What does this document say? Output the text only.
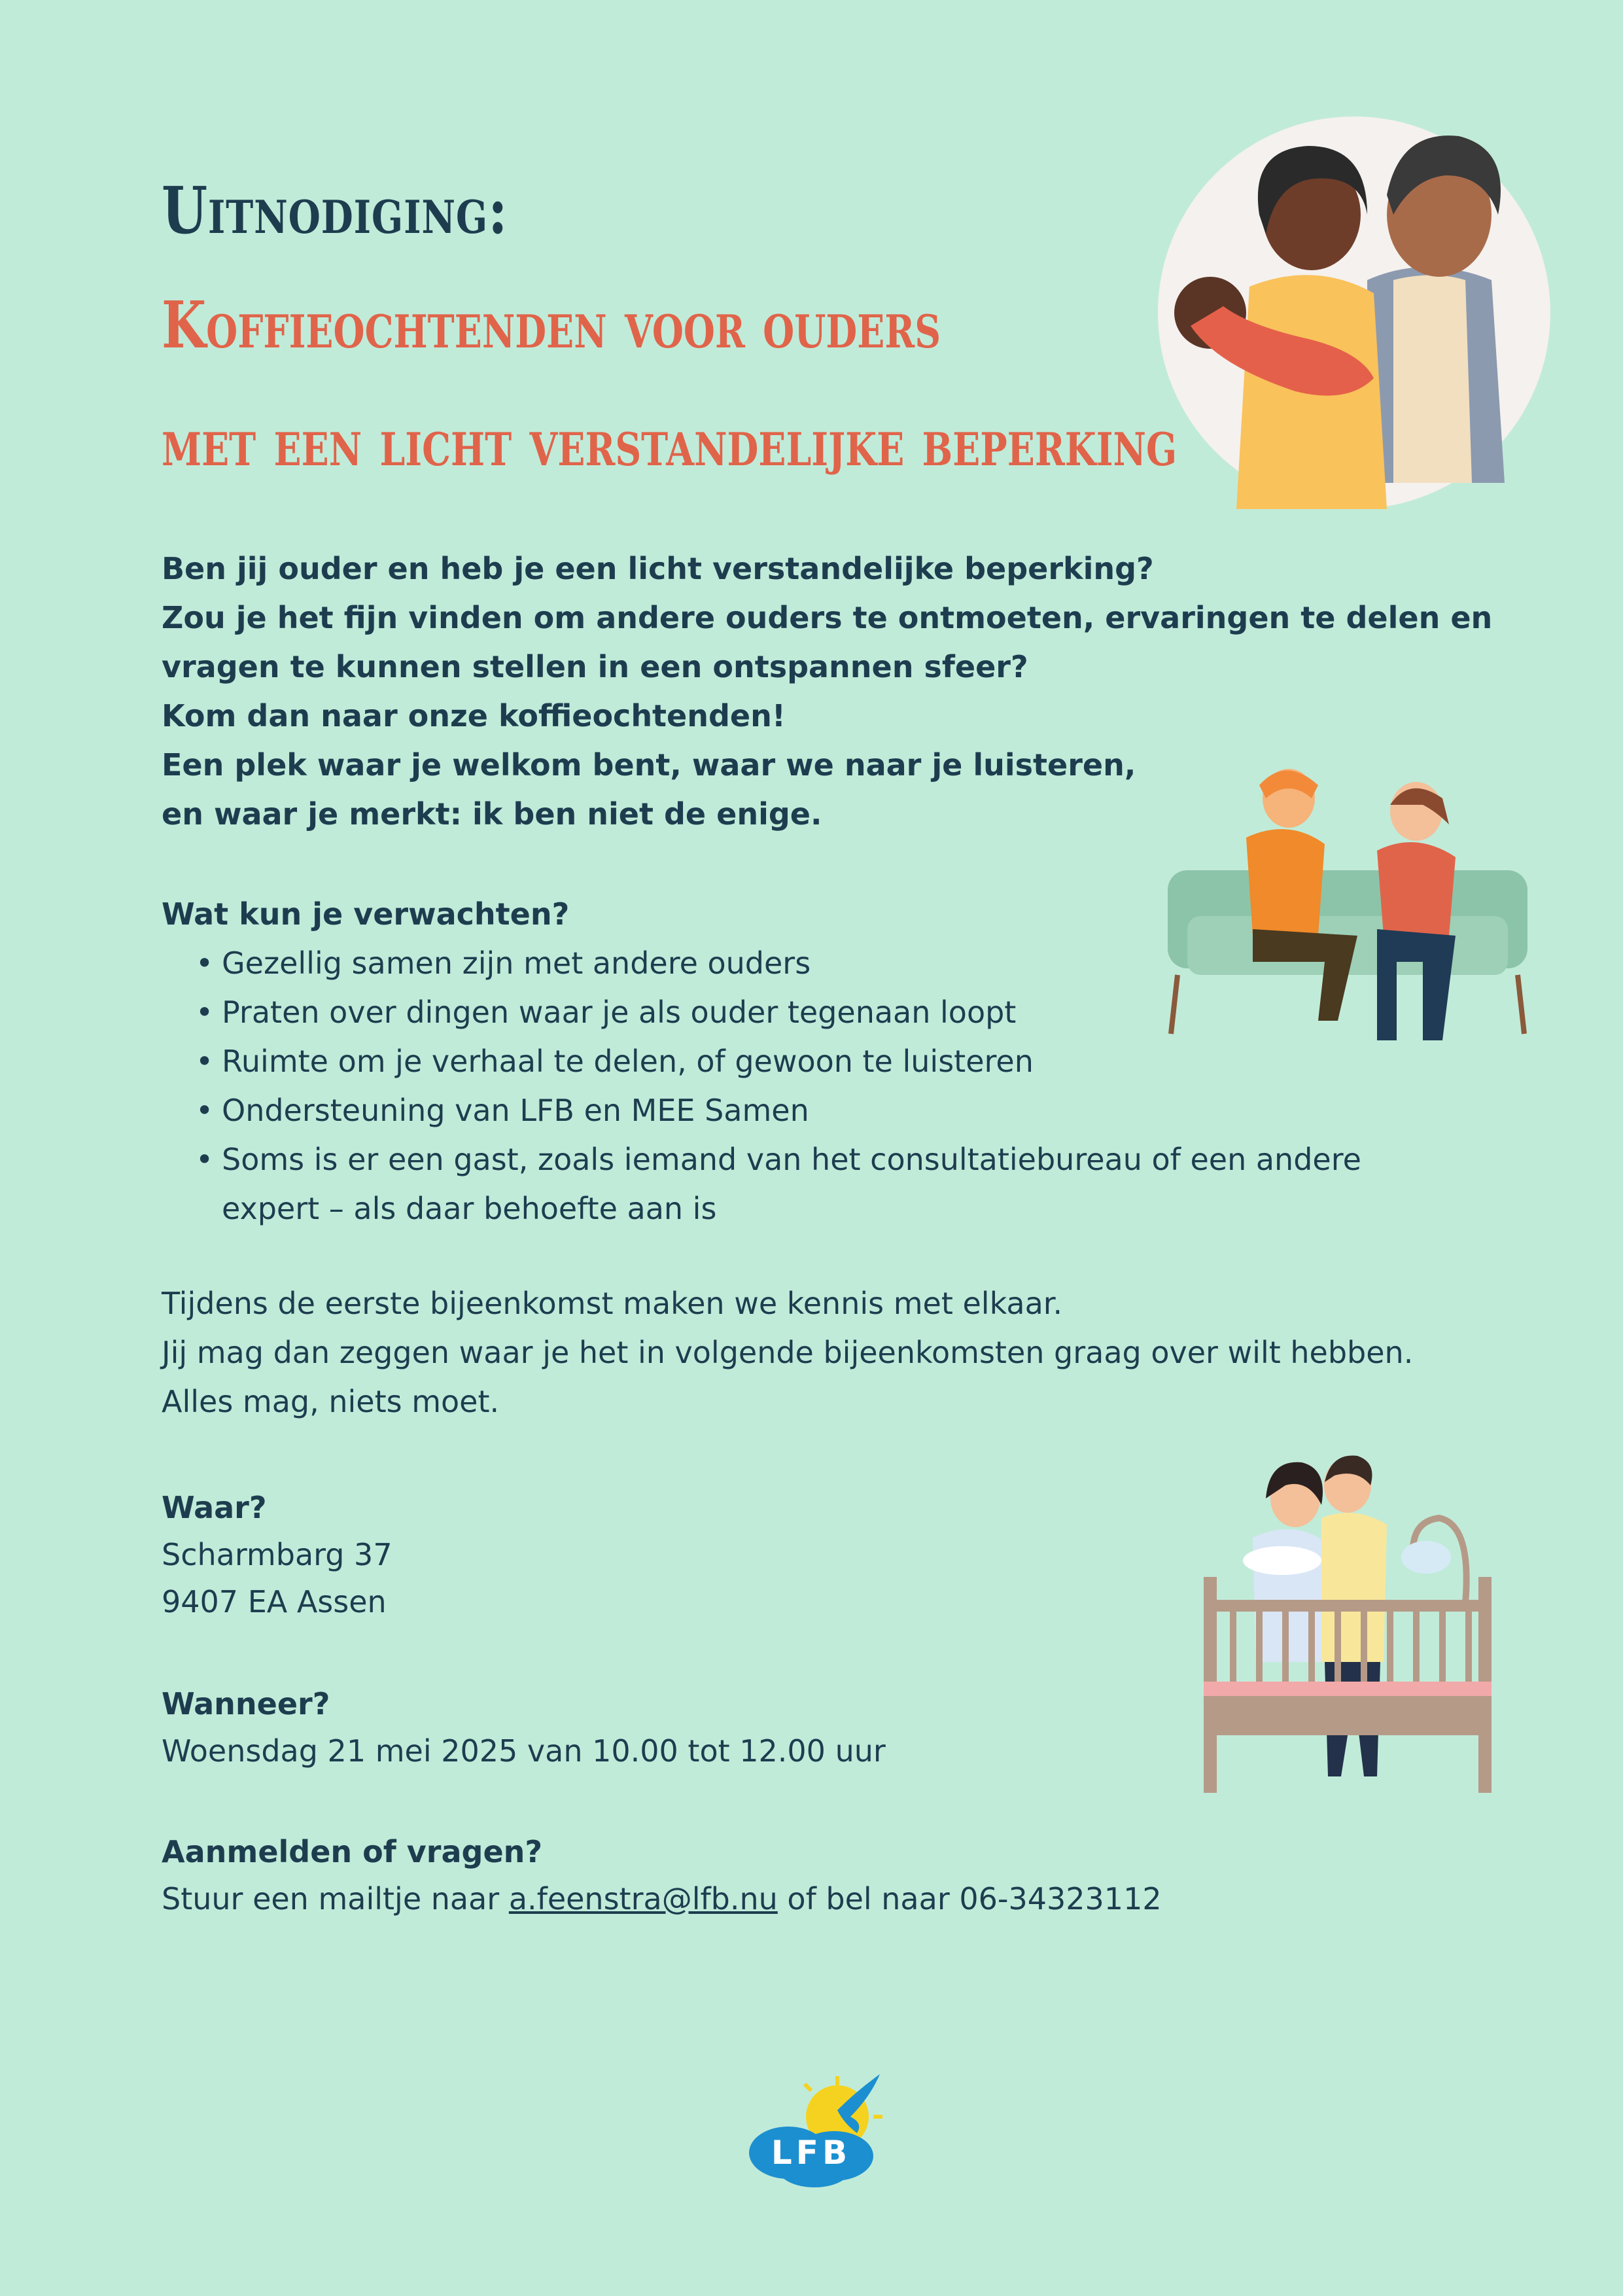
Uitnodiging:
Koffieochtenden voor ouders
met een licht verstandelijke beperking
Ben jij ouder en heb je een licht verstandelijke beperking?
Zou je het fijn vinden om andere ouders te ontmoeten, ervaringen te delen en
vragen te kunnen stellen in een ontspannen sfeer?
Kom dan naar onze koffieochtenden!
Een plek waar je welkom bent, waar we naar je luisteren,
en waar je merkt: ik ben niet de enige.
Wat kun je verwachten?
• Gezellig samen zijn met andere ouders
• Praten over dingen waar je als ouder tegenaan loopt
• Ruimte om je verhaal te delen, of gewoon te luisteren
• Ondersteuning van LFB en MEE Samen
• Soms is er een gast, zoals iemand van het consultatiebureau of een andere
expert – als daar behoefte aan is
Tijdens de eerste bijeenkomst maken we kennis met elkaar.
Jij mag dan zeggen waar je het in volgende bijeenkomsten graag over wilt hebben.
Alles mag, niets moet.
Waar?
Scharmbarg 37
9407 EA Assen
Wanneer?
Woensdag 21 mei 2025 van 10.00 tot 12.00 uur
Aanmelden of vragen?
Stuur een mailtje naar a.feenstra@lfb.nu of bel naar 06-34323112
LFB
